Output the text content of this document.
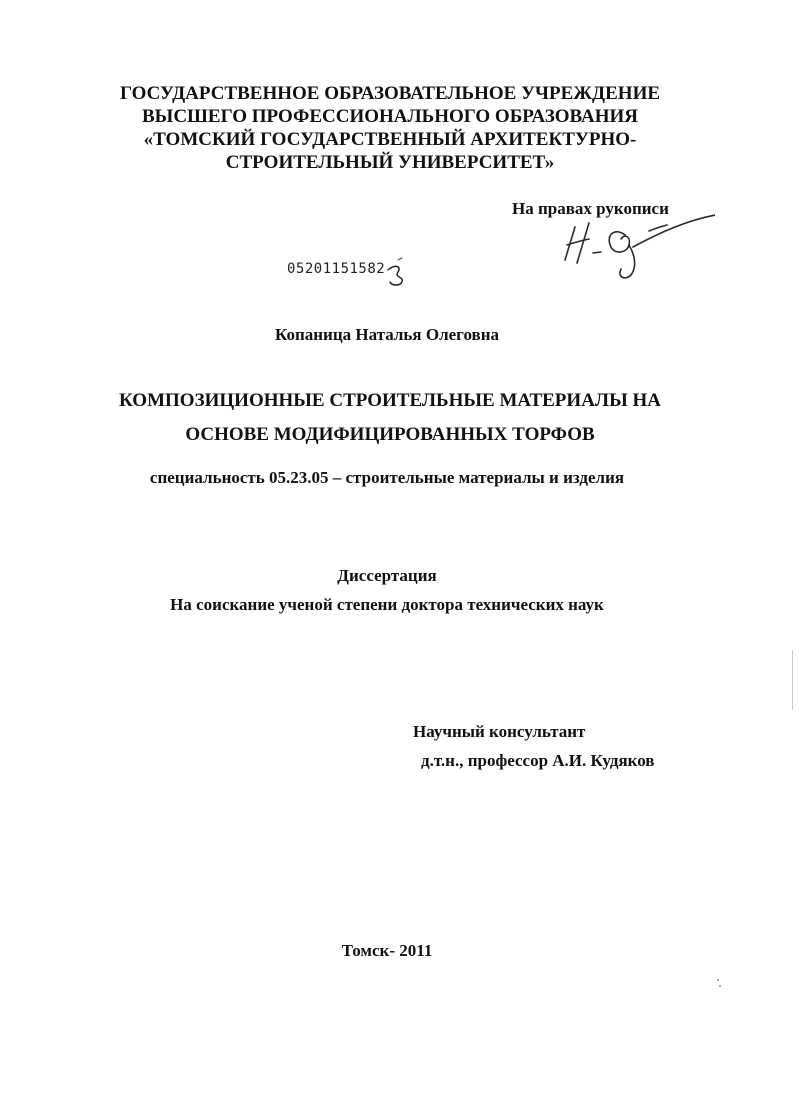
ГОСУДАРСТВЕННОЕ ОБРАЗОВАТЕЛЬНОЕ УЧРЕЖДЕНИЕ
ВЫСШЕГО ПРОФЕССИОНАЛЬНОГО ОБРАЗОВАНИЯ
«ТОМСКИЙ ГОСУДАРСТВЕННЫЙ АРХИТЕКТУРНО-
СТРОИТЕЛЬНЫЙ УНИВЕРСИТЕТ»
На правах рукописи
05201151582
Копаница Наталья Олеговна
КОМПОЗИЦИОННЫЕ СТРОИТЕЛЬНЫЕ МАТЕРИАЛЫ НА
ОСНОВЕ МОДИФИЦИРОВАННЫХ ТОРФОВ
специальность 05.23.05 – строительные материалы и изделия
Диссертация
На соискание ученой степени доктора технических наук
Научный консультант
д.т.н., профессор А.И. Кудяков
Томск- 2011
